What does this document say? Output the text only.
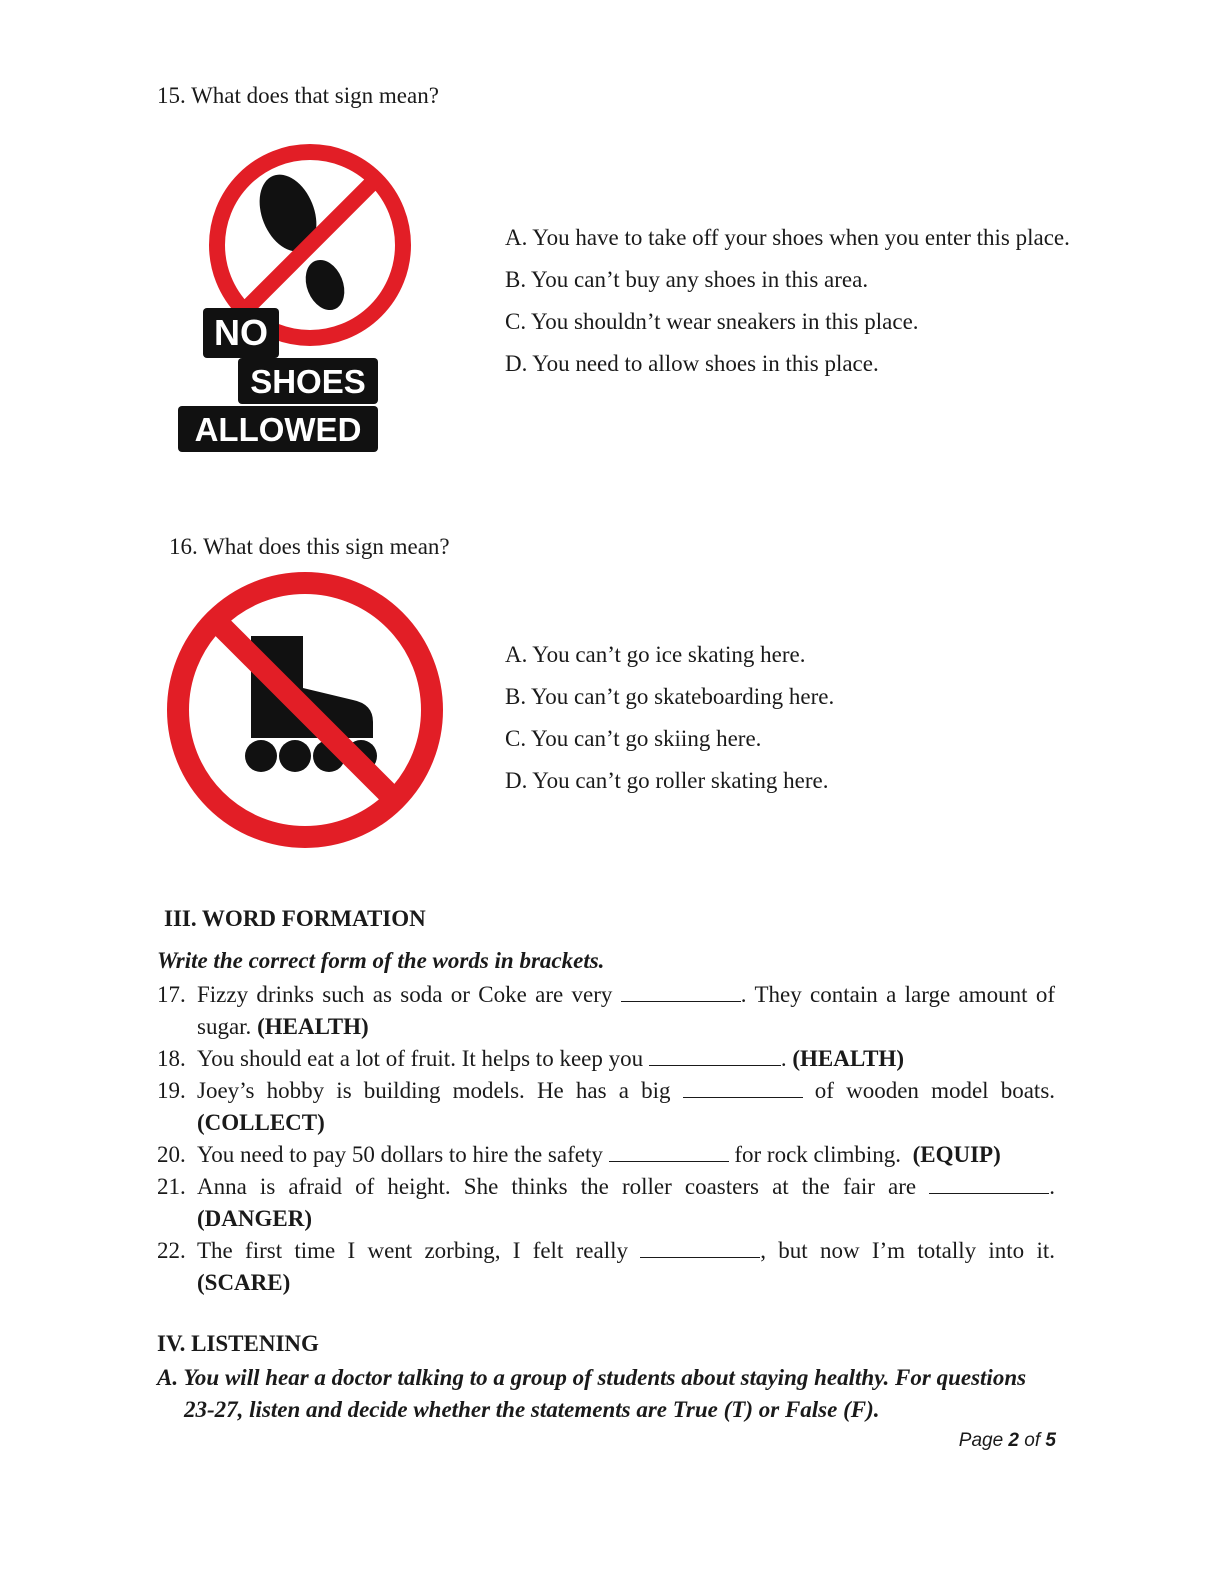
15. What does that sign mean?
NO
SHOES
ALLOWED
A. You have to take off your shoes when you enter this place.
B. You can’t buy any shoes in this area.
C. You shouldn’t wear sneakers in this place.
D. You need to allow shoes in this place.
16. What does this sign mean?
A. You can’t go ice skating here.
B. You can’t go skateboarding here.
C. You can’t go skiing here.
D. You can’t go roller skating here.
III. WORD FORMATION
Write the correct form of the words in brackets.
17. Fizzy drinks such as soda or Coke are very	. They contain a large amount of sugar. (HEALTH)
18. You should eat a lot of fruit. It helps to keep you	. (HEALTH)
19. Joey’s hobby is building models. He has a big	of wooden model boats. (COLLECT)
20. You need to pay 50 dollars to hire the safety	for rock climbing. (EQUIP)
21. Anna is afraid of height. She thinks the roller coasters at the fair are	. (DANGER)
22. The first time I went zorbing, I felt really	, but now I’m totally into it. (SCARE)
IV. LISTENING
A. You will hear a doctor talking to a group of students about staying healthy. For questions
23-27, listen and decide whether the statements are True (T) or False (F).
Page 2 of 5
